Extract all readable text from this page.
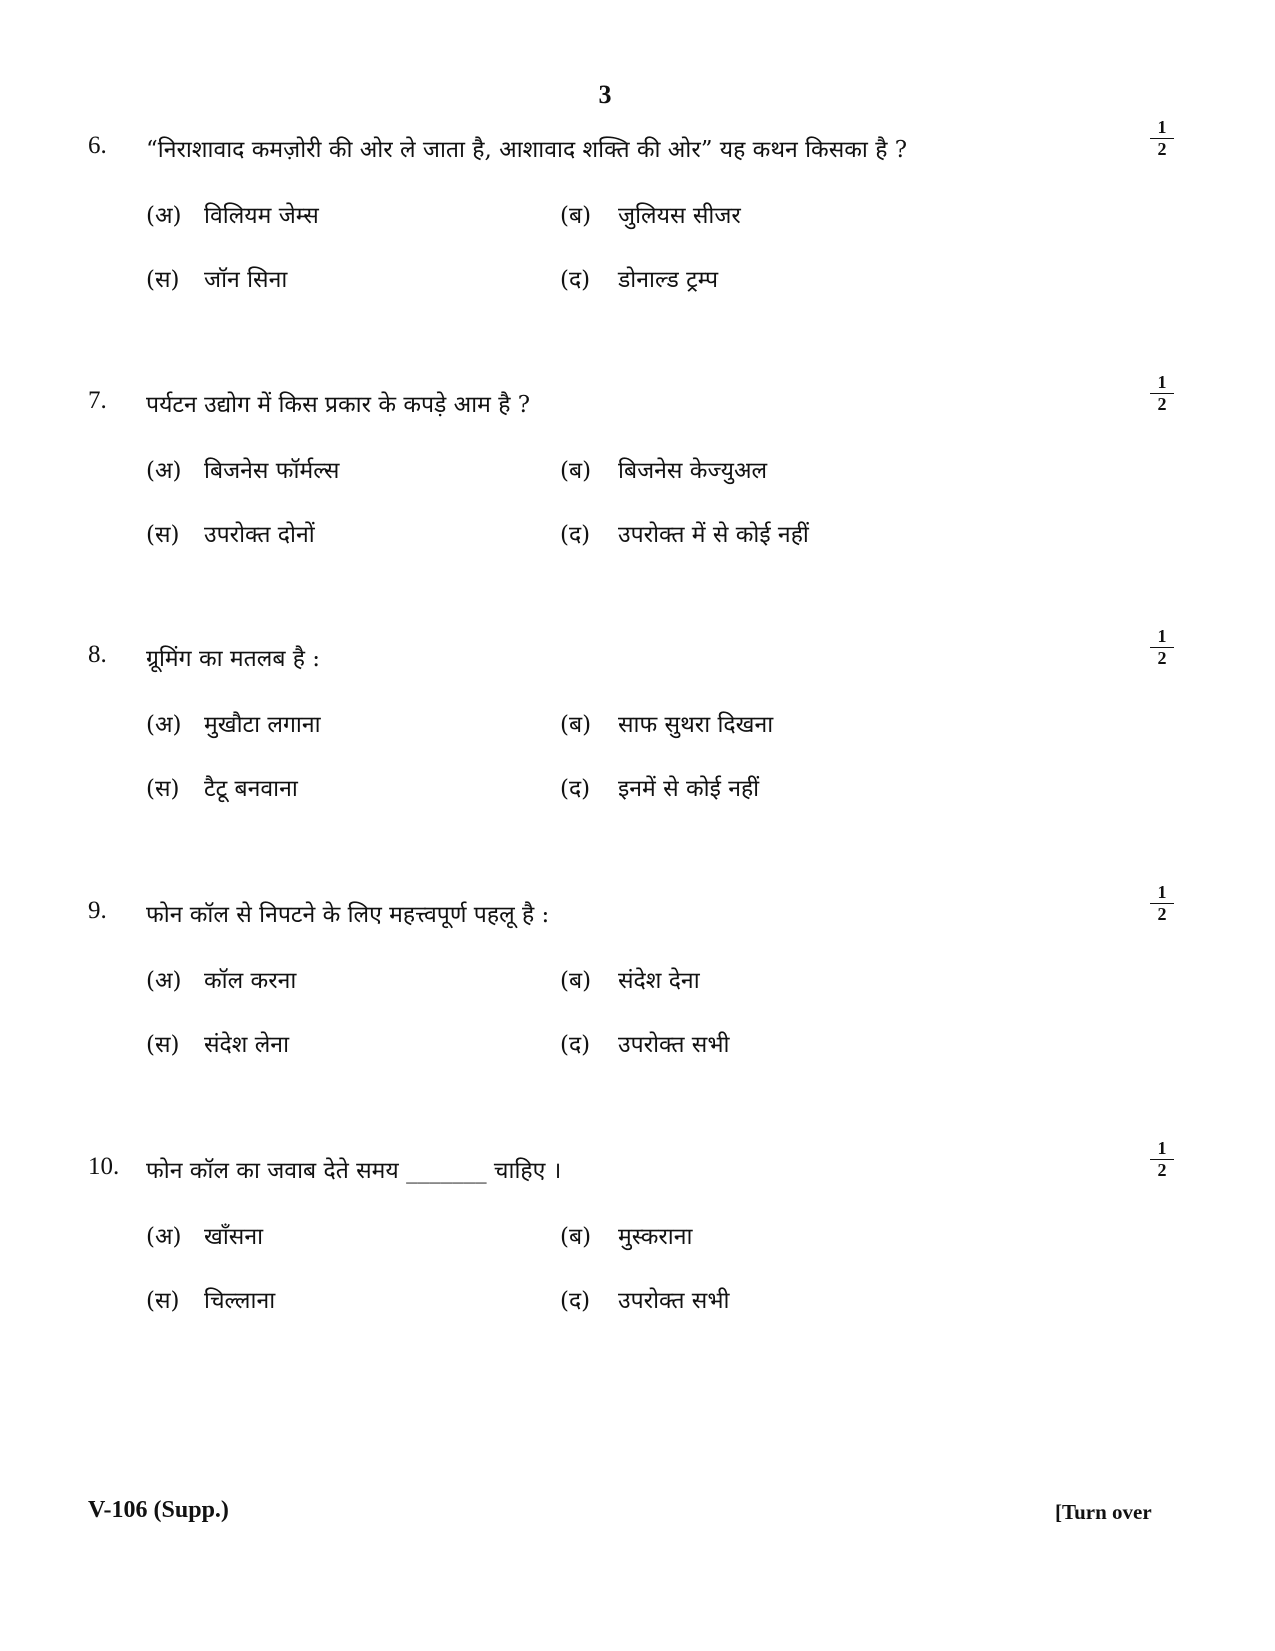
3
6. “निराशावाद कमज़ोरी की ओर ले जाता है, आशावाद शक्ति की ओर” यह कथन किसका है ?	$\frac{1}{2}$
(अ) विलियम जेम्स	(ब) जुलियस सीजर
(स) जॉन सिना	(द) डोनाल्ड ट्रम्प
7. पर्यटन उद्योग में किस प्रकार के कपड़े आम है ?	$\frac{1}{2}$
(अ) बिजनेस फॉर्मल्स	(ब) बिजनेस केज्युअल
(स) उपरोक्त दोनों	(द) उपरोक्त में से कोई नहीं
8. ग्रूमिंग का मतलब है :	$\frac{1}{2}$
(अ) मुखौटा लगाना	(ब) साफ सुथरा दिखना
(स) टैटू बनवाना	(द) इनमें से कोई नहीं
9. फोन कॉल से निपटने के लिए महत्त्वपूर्ण पहलू है :	$\frac{1}{2}$
(अ) कॉल करना	(ब) संदेश देना
(स) संदेश लेना	(द) उपरोक्त सभी
10. फोन कॉल का जवाब देते समय _______ चाहिए ।	$\frac{1}{2}$
(अ) खाँसना	(ब) मुस्कराना
(स) चिल्लाना	(द) उपरोक्त सभी
V-106 (Supp.)	[Turn over
